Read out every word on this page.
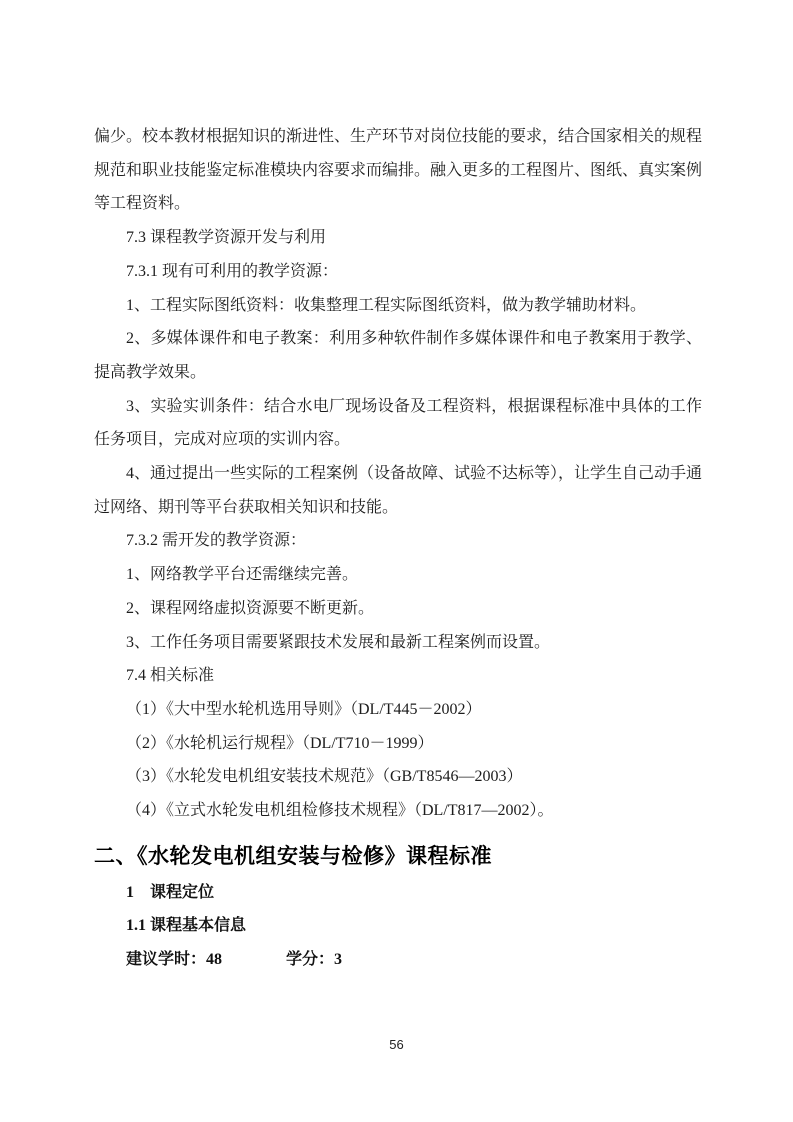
偏少。校本教材根据知识的渐进性、生产环节对岗位技能的要求，结合国家相关的规程规范和职业技能鉴定标准模块内容要求而编排。融入更多的工程图片、图纸、真实案例等工程资料。

7.3 课程教学资源开发与利用

7.3.1 现有可利用的教学资源：

1、工程实际图纸资料：收集整理工程实际图纸资料，做为教学辅助材料。

2、多媒体课件和电子教案：利用多种软件制作多媒体课件和电子教案用于教学、提高教学效果。

3、实验实训条件：结合水电厂现场设备及工程资料，根据课程标准中具体的工作任务项目，完成对应项的实训内容。

4、通过提出一些实际的工程案例（设备故障、试验不达标等），让学生自己动手通过网络、期刊等平台获取相关知识和技能。

7.3.2 需开发的教学资源：

1、网络教学平台还需继续完善。

2、课程网络虚拟资源要不断更新。

3、工作任务项目需要紧跟技术发展和最新工程案例而设置。

7.4 相关标准

（1）《大中型水轮机选用导则》（DL/T445－2002）

（2）《水轮机运行规程》（DL/T710－1999）

（3）《水轮发电机组安装技术规范》（GB/T8546—2003）

（4）《立式水轮发电机组检修技术规程》（DL/T817—2002）。

二、《水轮发电机组安装与检修》课程标准

1　课程定位

1.1 课程基本信息

建议学时：48　　　　学分：3

56
